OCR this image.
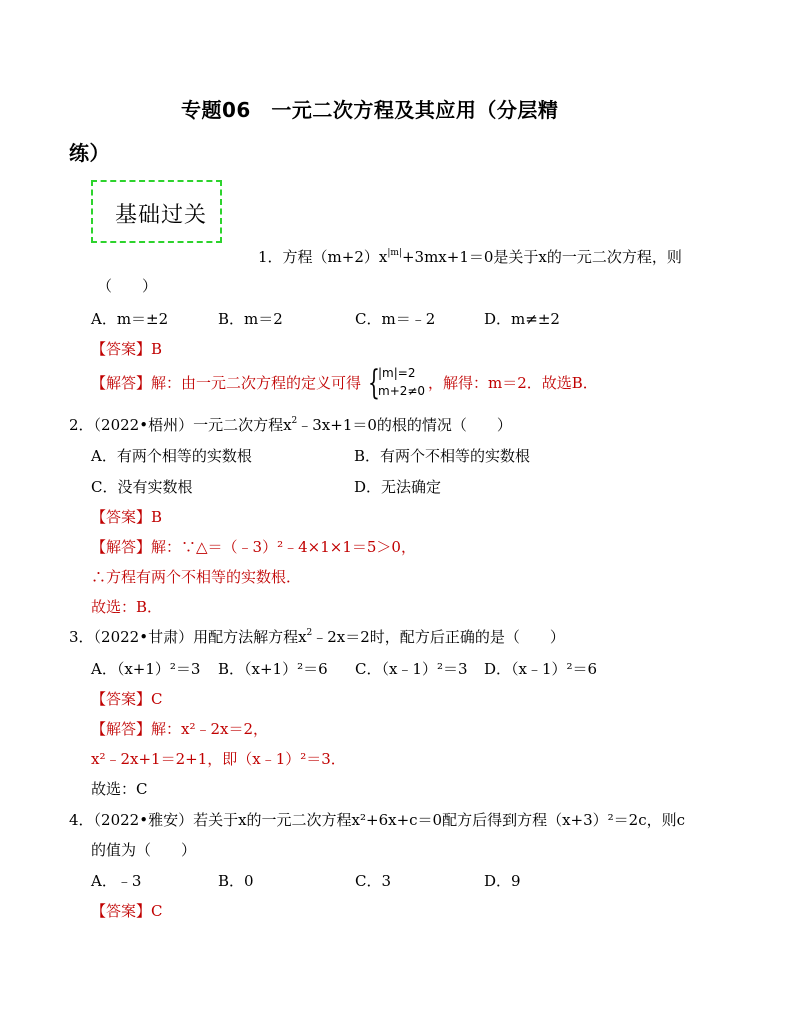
专题06　一元二次方程及其应用（分层精
练）
基础过关
1．方程$(m+2)x^{|m|}+3mx+1=0$是关于x的一元二次方程，则
（　　）
A．m＝±2	B．m＝2	C．m＝﹣2	D．m≠±2
【答案】B
【解答】解：由一元二次方程的定义可得 {
|m|=2
m+2≠0 ，解得：m＝2．故选B．
2．（2022•梧州）一元二次方程$x^2﹣3x+1=0$的根的情况（　　）
A．有两个相等的实数根	B．有两个不相等的实数根
C．没有实数根	D．无法确定
【答案】B
【解答】解：∵△＝（﹣3）²﹣4×1×1＝5＞0，
∴方程有两个不相等的实数根．
故选：B．
3．（2022•甘肃）用配方法解方程$x^2﹣2x=2$时，配方后正确的是（　　）
A．（x+1）²＝3 B．（x+1）²＝6 C．（x﹣1）²＝3 D．（x﹣1）²＝6
【答案】C
【解答】解：x²﹣2x＝2，
x²﹣2x+1＝2+1，即（x﹣1）²＝3．
故选：C
4．（2022•雅安）若关于x的一元二次方程x²+6x+c＝0配方后得到方程（x+3）²＝2c，则c
的值为（　　）
A．﹣3	B．0	C．3	D．9
【答案】C
